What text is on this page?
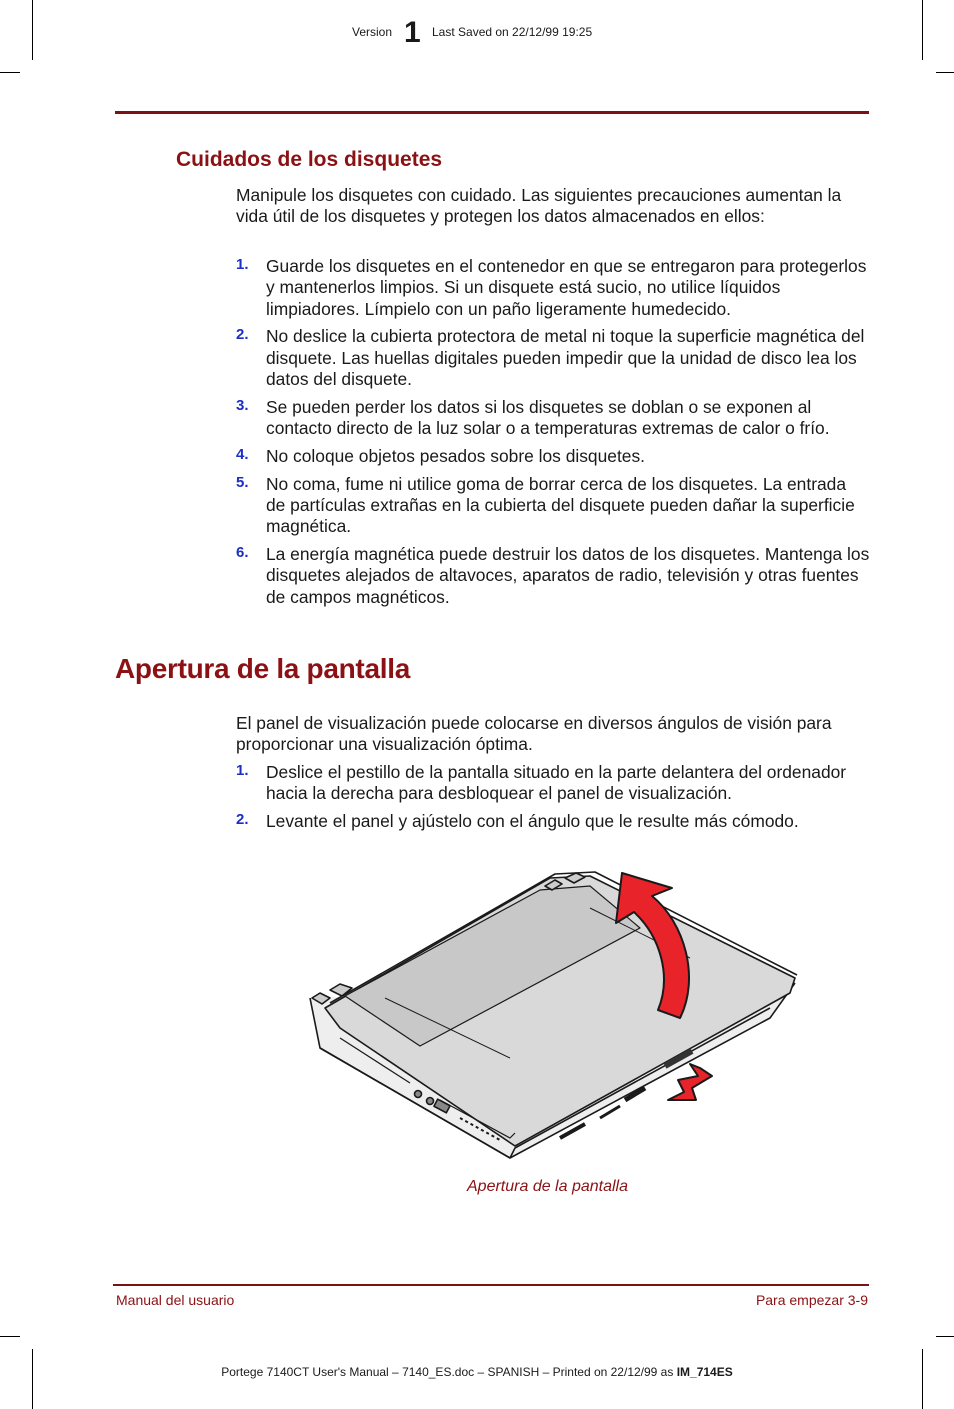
Version 1 Last Saved on 22/12/99 19:25
Cuidados de los disquetes

Manipule los disquetes con cuidado. Las siguientes precauciones aumentan la vida útil de los disquetes y protegen los datos almacenados en ellos:

1. Guarde los disquetes en el contenedor en que se entregaron para protegerlos y mantenerlos limpios. Si un disquete está sucio, no utilice líquidos limpiadores. Límpielo con un paño ligeramente humedecido.
2. No deslice la cubierta protectora de metal ni toque la superficie magnética del disquete. Las huellas digitales pueden impedir que la unidad de disco lea los datos del disquete.
3. Se pueden perder los datos si los disquetes se doblan o se exponen al contacto directo de la luz solar o a temperaturas extremas de calor o frío.
4. No coloque objetos pesados sobre los disquetes.
5. No coma, fume ni utilice goma de borrar cerca de los disquetes. La entrada de partículas extrañas en la cubierta del disquete pueden dañar la superficie magnética.
6. La energía magnética puede destruir los datos de los disquetes. Mantenga los disquetes alejados de altavoces, aparatos de radio, televisión y otras fuentes de campos magnéticos.
Apertura de la pantalla

El panel de visualización puede colocarse en diversos ángulos de visión para proporcionar una visualización óptima.

1. Deslice el pestillo de la pantalla situado en la parte delantera del ordenador hacia la derecha para desbloquear el panel de visualización.
2. Levante el panel y ajústelo con el ángulo que le resulte más cómodo.
Apertura de la pantalla
Manual del usuario	Para empezar 3-9
Portege 7140CT User's Manual – 7140_ES.doc – SPANISH – Printed on 22/12/99 as IM_714ES
